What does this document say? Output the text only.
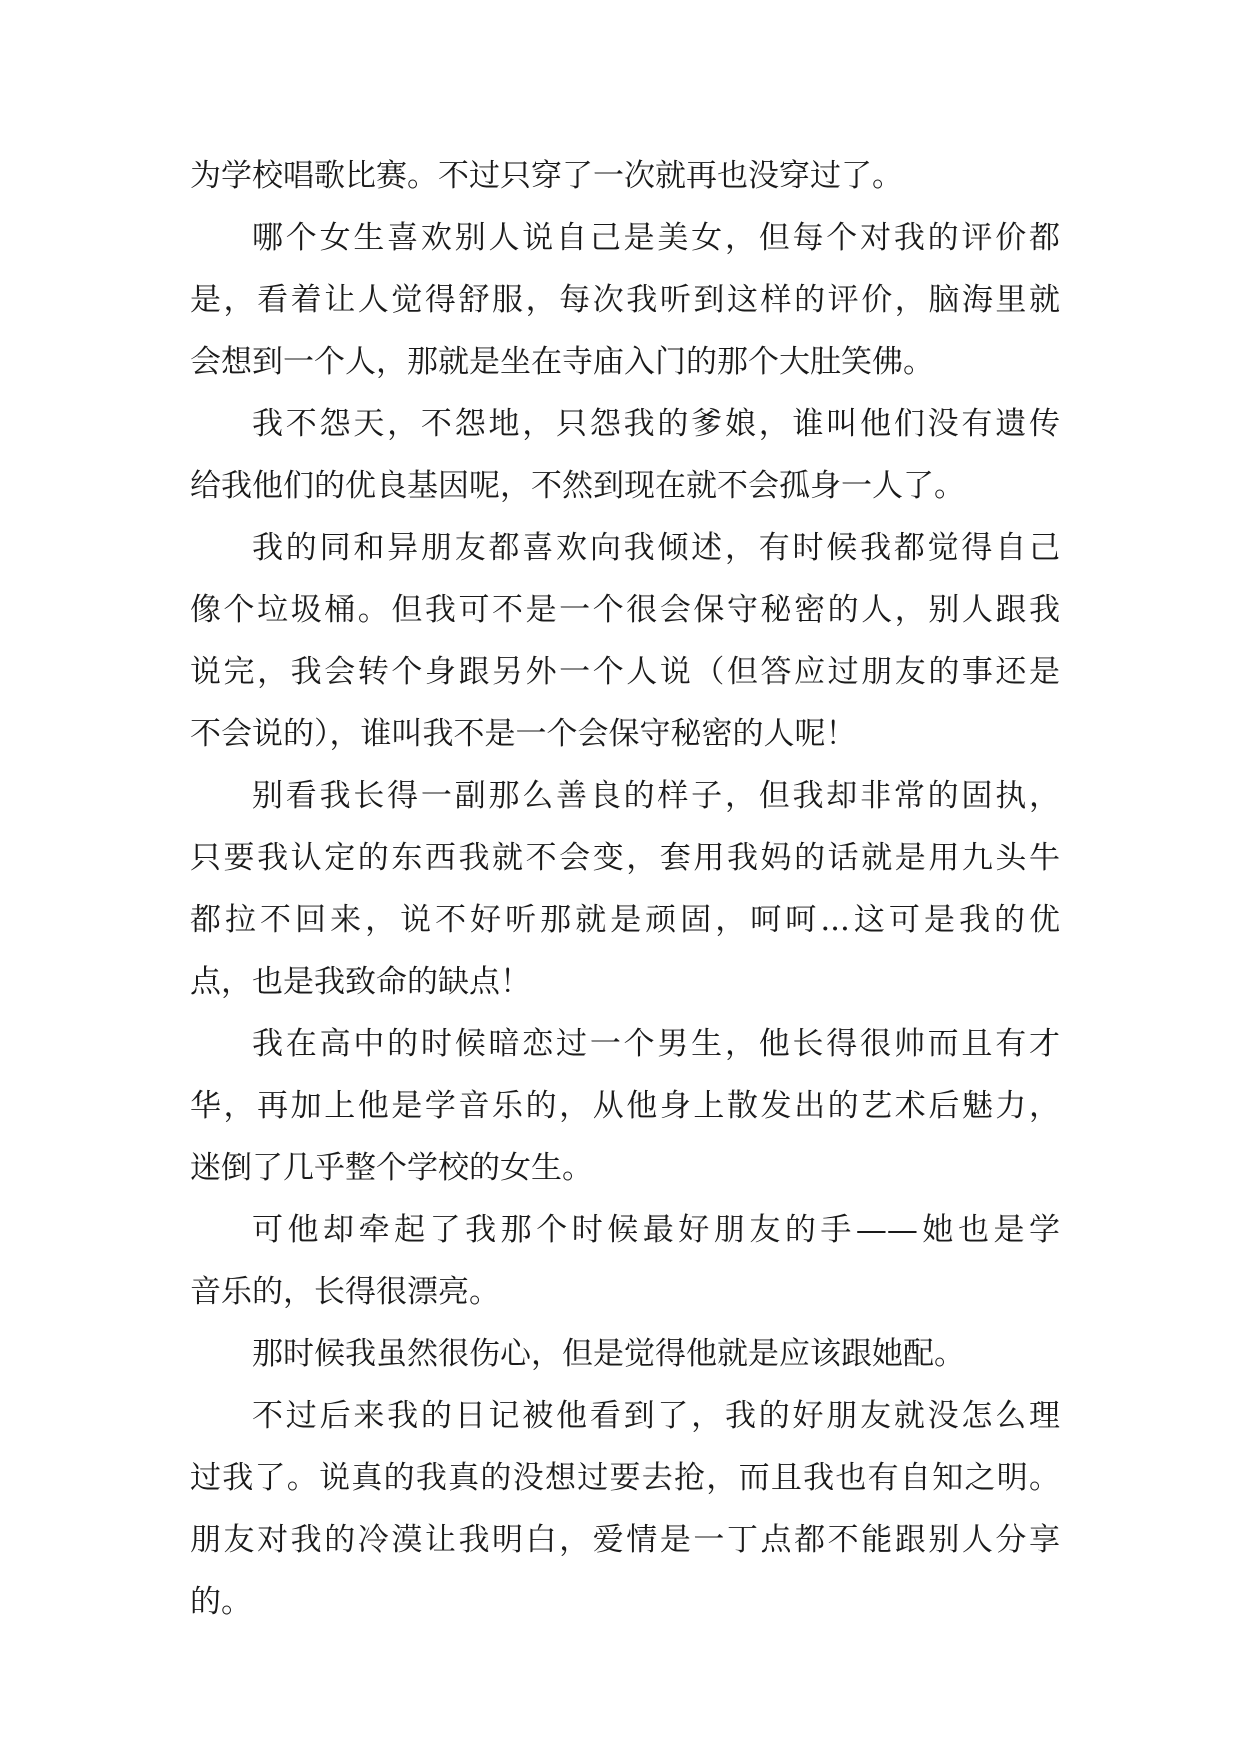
为学校唱歌比赛。不过只穿了一次就再也没穿过了。
哪个女生喜欢别人说自己是美女，但每个对我的评价都
是，看着让人觉得舒服，每次我听到这样的评价，脑海里就
会想到一个人，那就是坐在寺庙入门的那个大肚笑佛。
我不怨天，不怨地，只怨我的爹娘，谁叫他们没有遗传
给我他们的优良基因呢，不然到现在就不会孤身一人了。
我的同和异朋友都喜欢向我倾述，有时候我都觉得自己
像个垃圾桶。但我可不是一个很会保守秘密的人，别人跟我
说完，我会转个身跟另外一个人说（但答应过朋友的事还是
不会说的），谁叫我不是一个会保守秘密的人呢！
别看我长得一副那么善良的样子，但我却非常的固执，
只要我认定的东西我就不会变，套用我妈的话就是用九头牛
都拉不回来，说不好听那就是顽固，呵呵...这可是我的优
点，也是我致命的缺点！
我在高中的时候暗恋过一个男生，他长得很帅而且有才
华，再加上他是学音乐的，从他身上散发出的艺术后魅力，
迷倒了几乎整个学校的女生。
可他却牵起了我那个时候最好朋友的手——她也是学
音乐的，长得很漂亮。
那时候我虽然很伤心，但是觉得他就是应该跟她配。
不过后来我的日记被他看到了，我的好朋友就没怎么理
过我了。说真的我真的没想过要去抢，而且我也有自知之明。
朋友对我的冷漠让我明白，爱情是一丁点都不能跟别人分享
的。
